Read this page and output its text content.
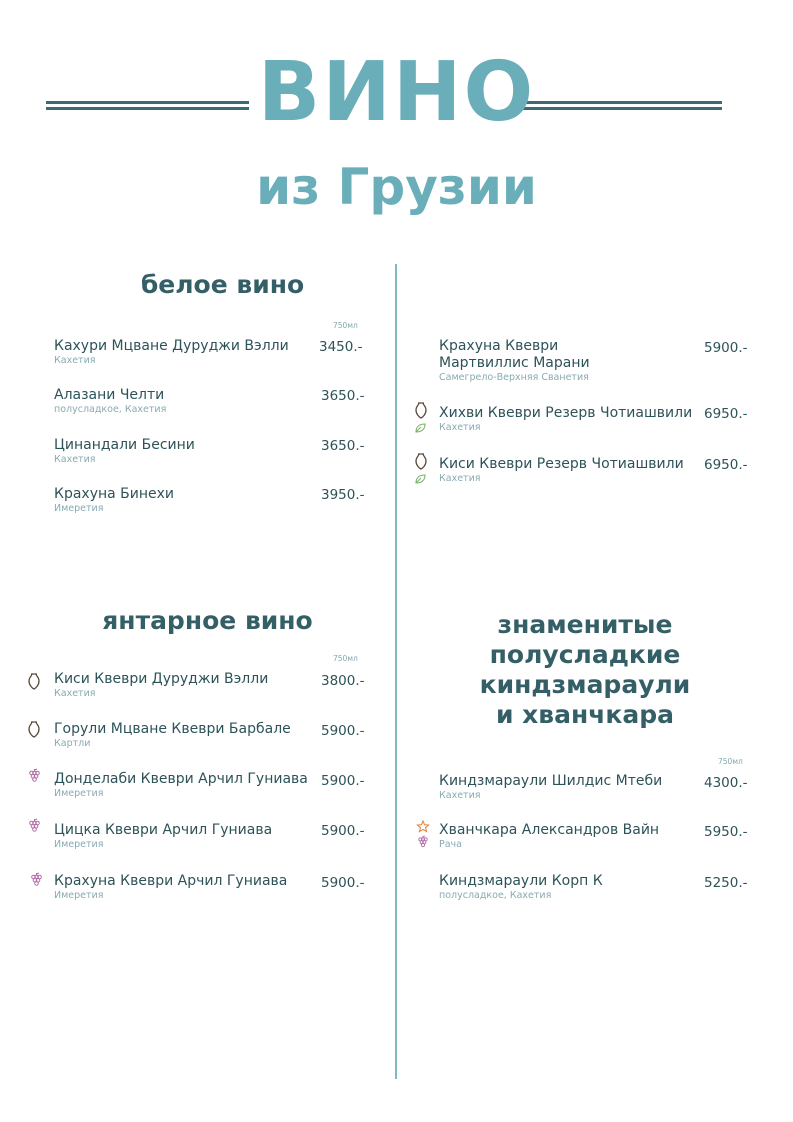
ВИНО
из Грузии
белое вино
750мл
Кахури Мцване Дуруджи Вэлли
Кахетия
3450.-
Алазани Челти
полусладкое, Кахетия
3650.-
Цинандали Бесини
Кахетия
3650.-
Крахуна Бинехи
Имеретия
3950.-
Крахуна Квеври
Мартвиллис Марани
Самегрело-Верхняя Сванетия
5900.-
Хихви Квеври Резерв Чотиашвили
Кахетия
6950.-
Киси Квеври Резерв Чотиашвили
Кахетия
6950.-
янтарное вино
750мл
Киси Квеври Дуруджи Вэлли
Кахетия
3800.-
Горули Мцване Квеври Барбале
Картли
5900.-
Донделаби Квеври Арчил Гуниава
Имеретия
5900.-
Цицка Квеври Арчил Гуниава
Имеретия
5900.-
Крахуна Квеври Арчил Гуниава
Имеретия
5900.-
знаменитые
полусладкие
киндзмараули
и хванчкара
750мл
Киндзмараули Шилдис Мтеби
Кахетия
4300.-
Хванчкара Александров Вайн
Рача
5950.-
Киндзмараули Корп К
полусладкое, Кахетия
5250.-
